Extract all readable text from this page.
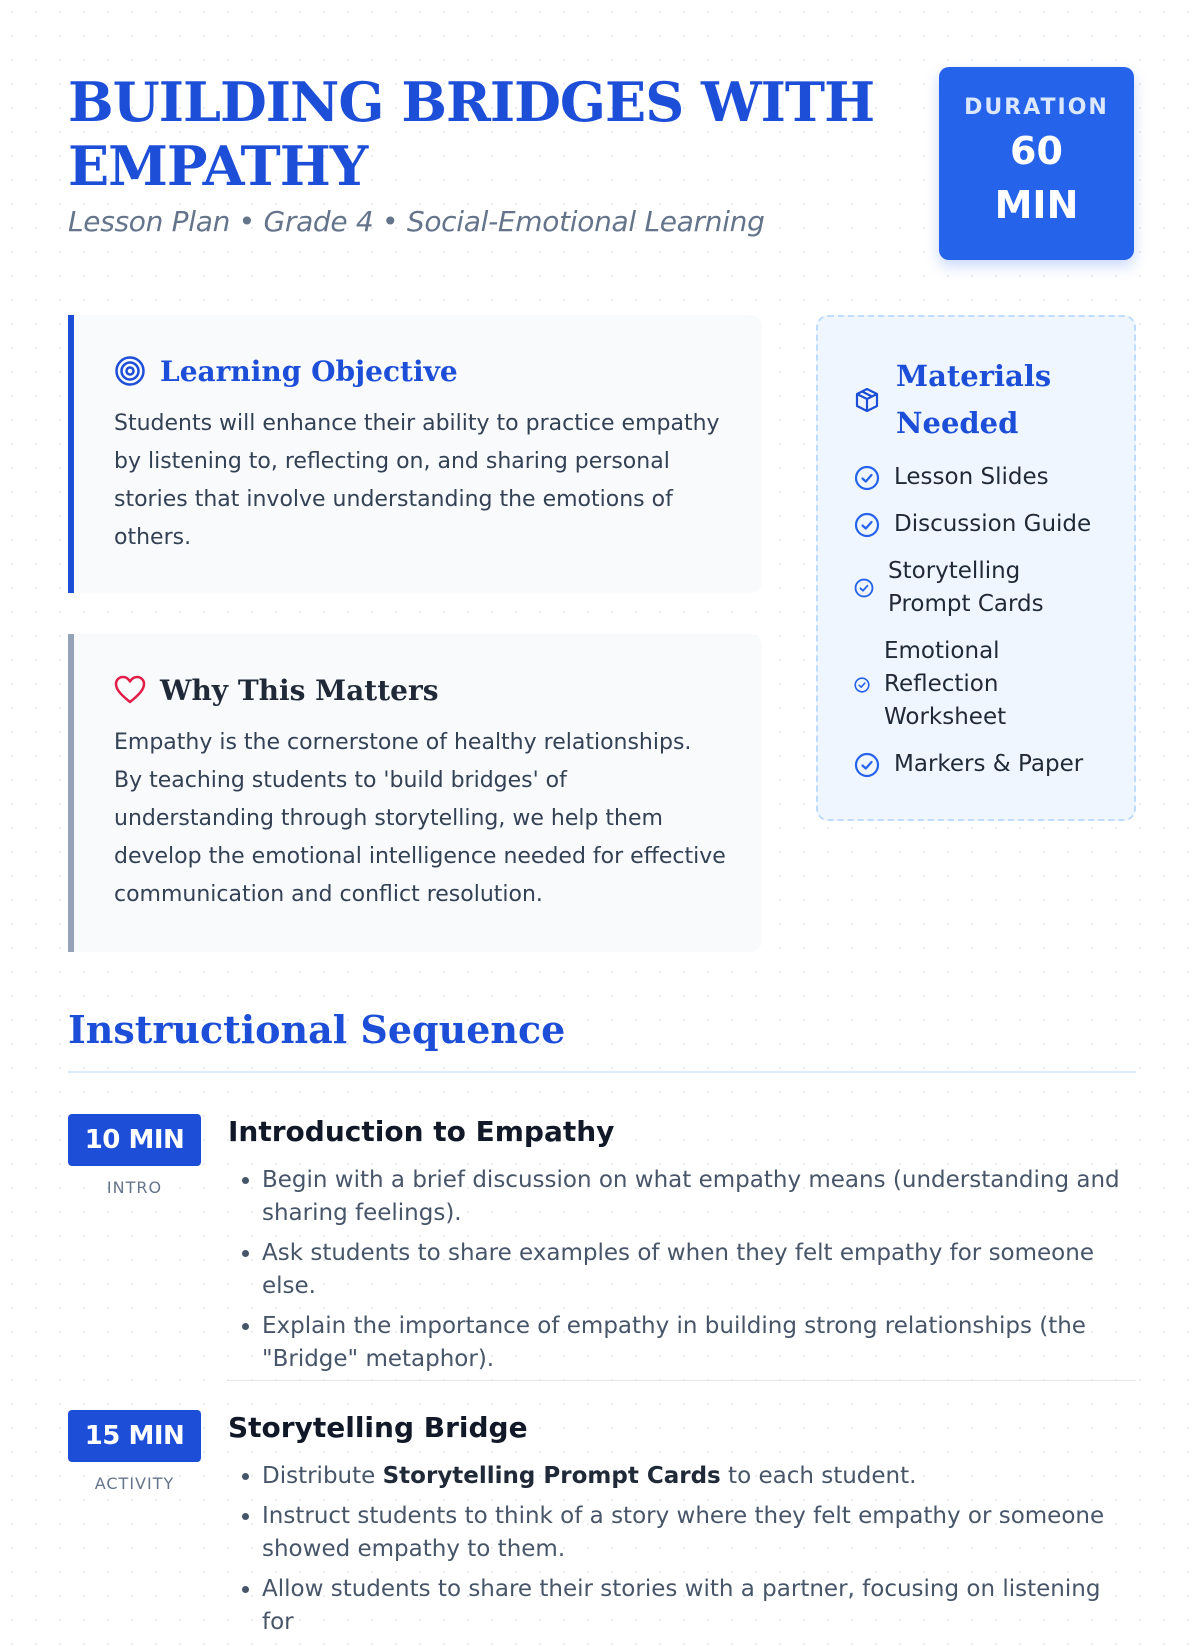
BUILDING BRIDGES WITH EMPATHY
Lesson Plan • Grade 4 • Social-Emotional Learning
DURATION
60
MIN
Learning Objective

Students will enhance their ability to practice empathy by listening to, reflecting on, and sharing personal stories that involve understanding the emotions of others.

Why This Matters

Empathy is the cornerstone of healthy relationships. By teaching students to 'build bridges' of understanding through storytelling, we help them develop the emotional intelligence needed for effective communication and conflict resolution.

Materials Needed
Lesson Slides
Discussion Guide
Storytelling Prompt Cards
Emotional Reflection Worksheet
Markers & Paper
Instructional Sequence
10 MIN
INTRO
Introduction to Empathy
• Begin with a brief discussion on what empathy means (understanding and sharing feelings).
• Ask students to share examples of when they felt empathy for someone else.
• Explain the importance of empathy in building strong relationships (the "Bridge" metaphor).
15 MIN
ACTIVITY
Storytelling Bridge
• Distribute Storytelling Prompt Cards to each student.
• Instruct students to think of a story where they felt empathy or someone showed empathy to them.
• Allow students to share their stories with a partner, focusing on listening for
